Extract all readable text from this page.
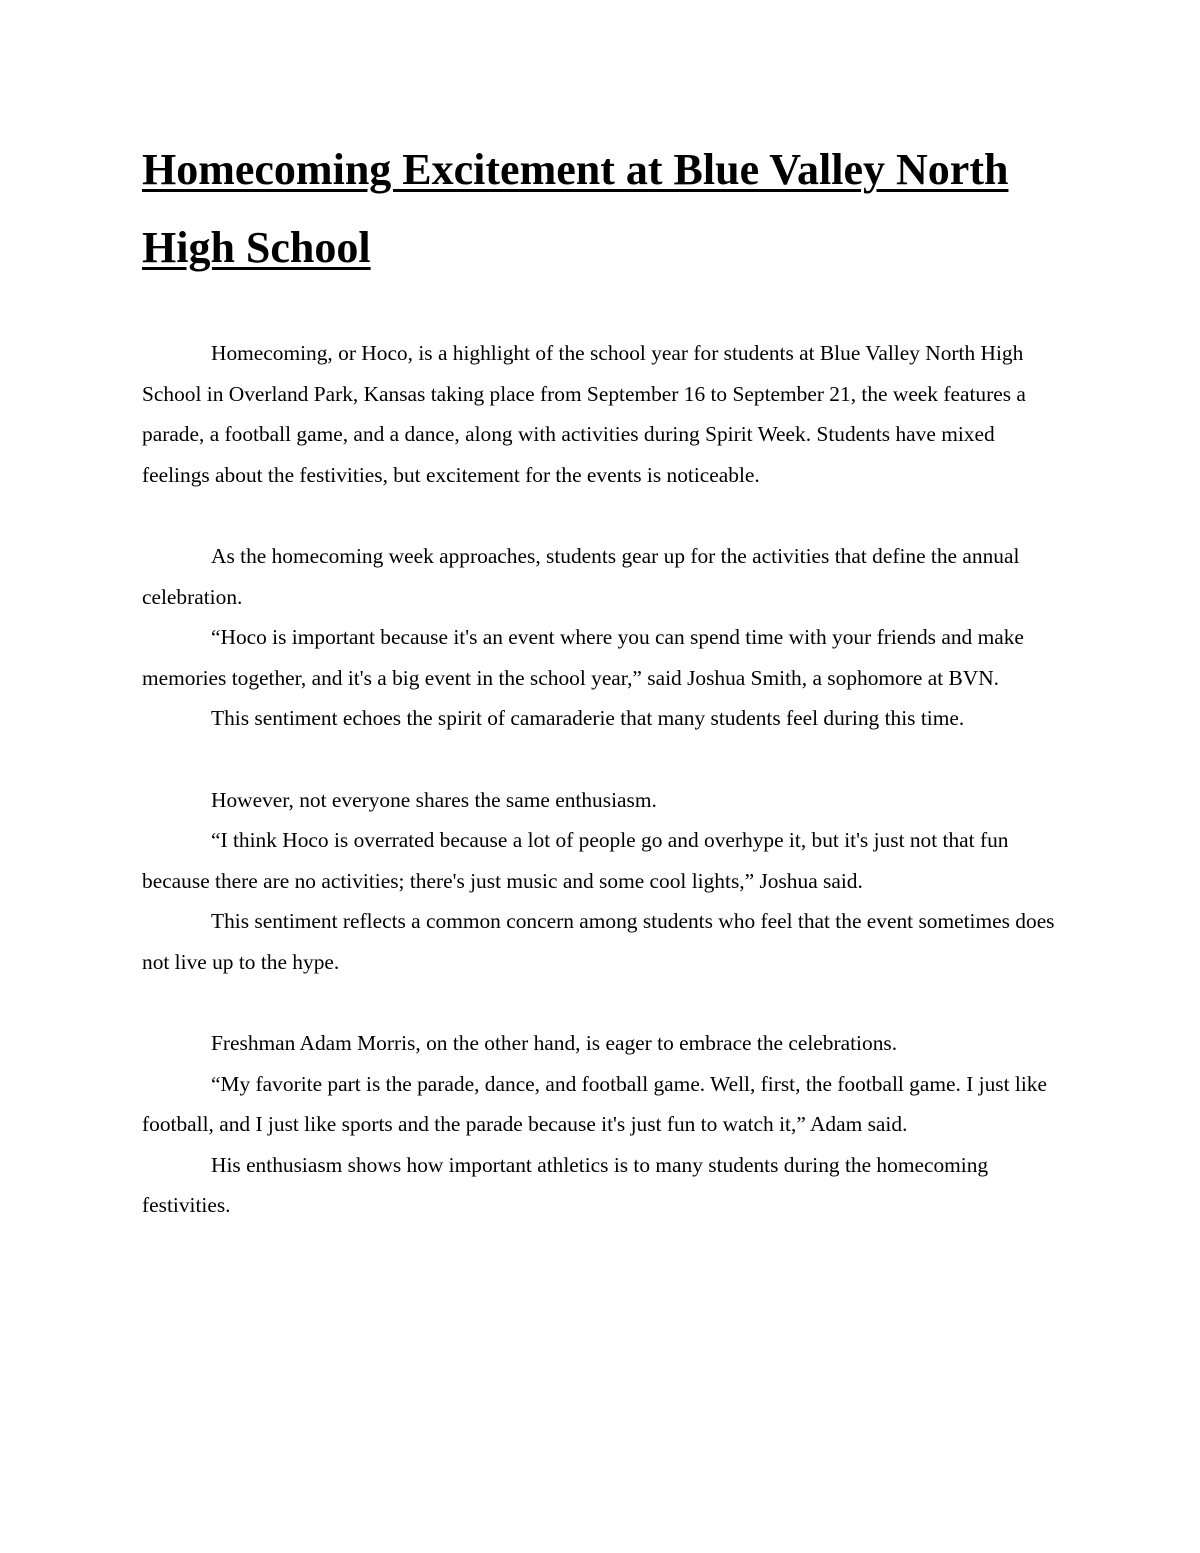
Homecoming Excitement at Blue Valley North High School

Homecoming, or Hoco, is a highlight of the school year for students at Blue Valley North High School in Overland Park, Kansas taking place from September 16 to September 21, the week features a parade, a football game, and a dance, along with activities during Spirit Week. Students have mixed feelings about the festivities, but excitement for the events is noticeable.

As the homecoming week approaches, students gear up for the activities that define the annual celebration.

“Hoco is important because it's an event where you can spend time with your friends and make memories together, and it's a big event in the school year,” said Joshua Smith, a sophomore at BVN.

This sentiment echoes the spirit of camaraderie that many students feel during this time.

However, not everyone shares the same enthusiasm.

“I think Hoco is overrated because a lot of people go and overhype it, but it's just not that fun because there are no activities; there's just music and some cool lights,” Joshua said.

This sentiment reflects a common concern among students who feel that the event sometimes does not live up to the hype.

Freshman Adam Morris, on the other hand, is eager to embrace the celebrations.

“My favorite part is the parade, dance, and football game. Well, first, the football game. I just like football, and I just like sports and the parade because it's just fun to watch it,” Adam said.

His enthusiasm shows how important athletics is to many students during the homecoming festivities.
